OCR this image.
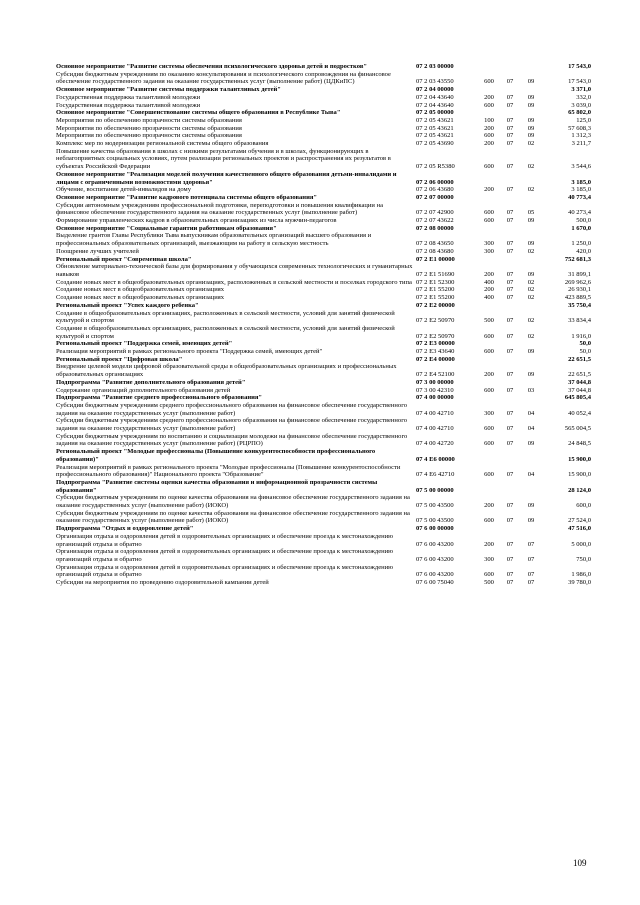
Основное мероприятие "Развитие системы обеспечения психологического здоровья детей и подростков"	07 2 03 00000				17 543,0
Субсидии бюджетным учреждениям по оказанию консультирования и психологического сопровождения на финансовое обеспечение государственного задания на оказание государственных услуг (выполнение работ) (ЦДКиПС)	07 2 03 43550	600	07	09	17 543,0
Основное мероприятие "Развитие системы поддержки талантливых детей"	07 2 04 00000				3 371,0
Государственная поддержка талантливой молодежи	07 2 04 43640	200	07	09	332,0
Государственная поддержка талантливой молодежи	07 2 04 43640	600	07	09	3 039,0
Основное мероприятие "Совершенствование системы общего образования в Республике Тыва"	07 2 05 00000				65 802,0
Мероприятия по обеспечению прозрачности системы образования	07 2 05 43621	100	07	09	125,0
Мероприятия по обеспечению прозрачности системы образования	07 2 05 43621	200	07	09	57 608,3
Мероприятия по обеспечению прозрачности системы образования	07 2 05 43621	600	07	09	1 312,3
Комплекс мер по модернизации региональной системы общего образования	07 2 05 43690	200	07	02	3 211,7
Повышение качества образования в школах с низкими результатами обучения и в школах, функционирующих в неблагоприятных социальных условиях, путем реализации региональных проектов и распространения их результатов в субъектах Российской Федерации	07 2 05 R5380	600	07	02	3 544,6
Основное мероприятие "Реализация моделей получения качественного общего образования детьми-инвалидами и лицами с ограниченными возможностями здоровья"	07 2 06 00000				3 185,0
Обучение, воспитание детей-инвалидов на дому	07 2 06 43680	200	07	02	3 185,0
Основное мероприятие "Развитие кадрового потенциала системы общего образования"	07 2 07 00000				40 773,4
Субсидии автономным учреждениям профессиональной подготовки, переподготовки и повышения квалификации на финансовое обеспечение государственного задания на оказание государственных услуг (выполнение работ)	07 2 07 42900	600	07	05	40 273,4
Формирование управленческих кадров в образовательных организациях из числа мужчин-педагогов	07 2 07 43622	600	07	09	500,0
Основное мероприятие "Социальные гарантии работникам образования"	07 2 08 00000				1 670,0
Выделение грантов Главы Республики Тыва выпускникам образовательных организаций высшего образования и профессиональных образовательных организаций, выезжающим на работу в сельскую местность	07 2 08 43650	300	07	09	1 250,0
Поощрение лучших учителей	07 2 08 43680	300	07	02	420,0
Региональный проект "Современная школа"	07 2 E1 00000				752 681,3
Обновление материально-технической базы для формирования у обучающихся современных технологических и гуманитарных навыков	07 2 E1 51690	200	07	09	31 899,1
Создание новых мест в общеобразовательных организациях, расположенных в сельской местности и поселках городского типа	07 2 E1 52300	400	07	02	269 962,6
Создание новых мест в общеобразовательных организациях	07 2 E1 55200	200	07	02	26 930,1
Создание новых мест в общеобразовательных организациях	07 2 E1 55200	400	07	02	423 889,5
Региональный проект "Успех каждого ребенка"	07 2 E2 00000				35 750,4
Создание в общеобразовательных организациях, расположенных в сельской местности, условий для занятий физической культурой и спортом	07 2 E2 50970	500	07	02	33 834,4
Создание в общеобразовательных организациях, расположенных в сельской местности, условий для занятий физической культурой и спортом	07 2 E2 50970	600	07	02	1 916,0
Региональный проект "Поддержка семей, имеющих детей"	07 2 E3 00000				50,0
Реализация мероприятий в рамках регионального проекта "Поддержка семей, имеющих детей"	07 2 E3 43640	600	07	09	50,0
Региональный проект "Цифровая школа"	07 2 E4 00000				22 651,5
Внедрение целевой модели цифровой образовательной среды в общеобразовательных организациях и профессиональных образовательных организациях	07 2 E4 52100	200	07	09	22 651,5
Подпрограмма "Развитие дополнительного образования детей"	07 3 00 00000				37 044,8
Содержание организаций дополнительного образования детей	07 3 00 42310	600	07	03	37 044,8
Подпрограмма "Развитие среднего профессионального образования"	07 4 00 00000				645 805,4
Субсидии бюджетным учреждениям среднего профессионального образования на финансовое обеспечение государственного задания на оказание государственных услуг (выполнение работ)	07 4 00 42710	300	07	04	40 052,4
Субсидии бюджетным учреждениям среднего профессионального образования на финансовое обеспечение государственного задания на оказание государственных услуг (выполнение работ)	07 4 00 42710	600	07	04	565 004,5
Субсидии бюджетным учреждениям по воспитанию и социализации молодежи на финансовое обеспечение государственного задания на оказание государственных услуг (выполнение работ) (РЦРПО)	07 4 00 42720	600	07	09	24 848,5
Региональный проект "Молодые профессионалы (Повышение конкурентоспособности профессионального образования)"	07 4 E6 00000				15 900,0
Реализация мероприятий в рамках регионального проекта "Молодые профессионалы (Повышение конкурентоспособности профессионального образования)" Национального проекта "Образование"	07 4 E6 42710	600	07	04	15 900,0
Подпрограмма "Развитие системы оценки качества образования и информационной прозрачности системы образования"	07 5 00 00000				28 124,0
Субсидии бюджетным учреждениям по оценке качества образования на финансовое обеспечение государственного задания на оказание государственных услуг (выполнение работ) (ИОКО)	07 5 00 43500	200	07	09	600,0
Субсидии бюджетным учреждениям по оценке качества образования на финансовое обеспечение государственного задания на оказание государственных услуг (выполнение работ) (ИОКО)	07 5 00 43500	600	07	09	27 524,0
Подпрограмма "Отдых и оздоровление детей"	07 6 00 00000				47 516,0
Организация отдыха и оздоровления детей в оздоровительных организациях и обеспечение проезда к местонахождению организаций отдыха и обратно	07 6 00 43200	200	07	07	5 000,0
Организация отдыха и оздоровления детей в оздоровительных организациях и обеспечение проезда к местонахождению организаций отдыха и обратно	07 6 00 43200	300	07	07	750,0
Организация отдыха и оздоровления детей в оздоровительных организациях и обеспечение проезда к местонахождению организаций отдыха и обратно	07 6 00 43200	600	07	07	1 986,0
Субсидии на мероприятия по проведению оздоровительной кампании детей	07 6 00 75040	500	07	07	39 780,0
109
